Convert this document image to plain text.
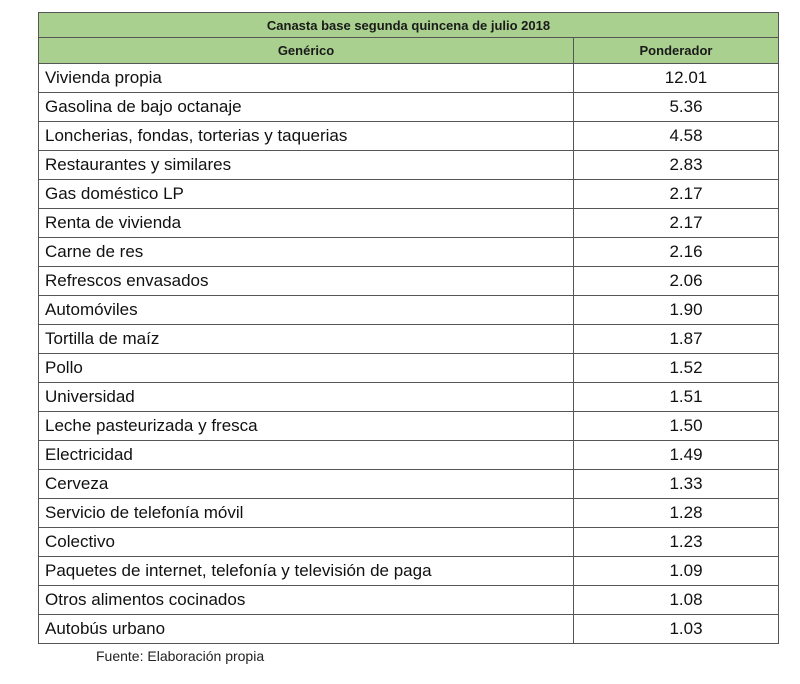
Canasta base segunda quincena de julio 2018	
Genérico	Ponderador
Vivienda propia	12.01
Gasolina de bajo octanaje	5.36
Loncherias, fondas, torterias y taquerias	4.58
Restaurantes y similares	2.83
Gas doméstico LP	2.17
Renta de vivienda	2.17
Carne de res	2.16
Refrescos envasados	2.06
Automóviles	1.90
Tortilla de maíz	1.87
Pollo	1.52
Universidad	1.51
Leche pasteurizada y fresca	1.50
Electricidad	1.49
Cerveza	1.33
Servicio de telefonía móvil	1.28
Colectivo	1.23
Paquetes de internet, telefonía y televisión de paga	1.09
Otros alimentos cocinados	1.08
Autobús urbano	1.03
Fuente: Elaboración propia
